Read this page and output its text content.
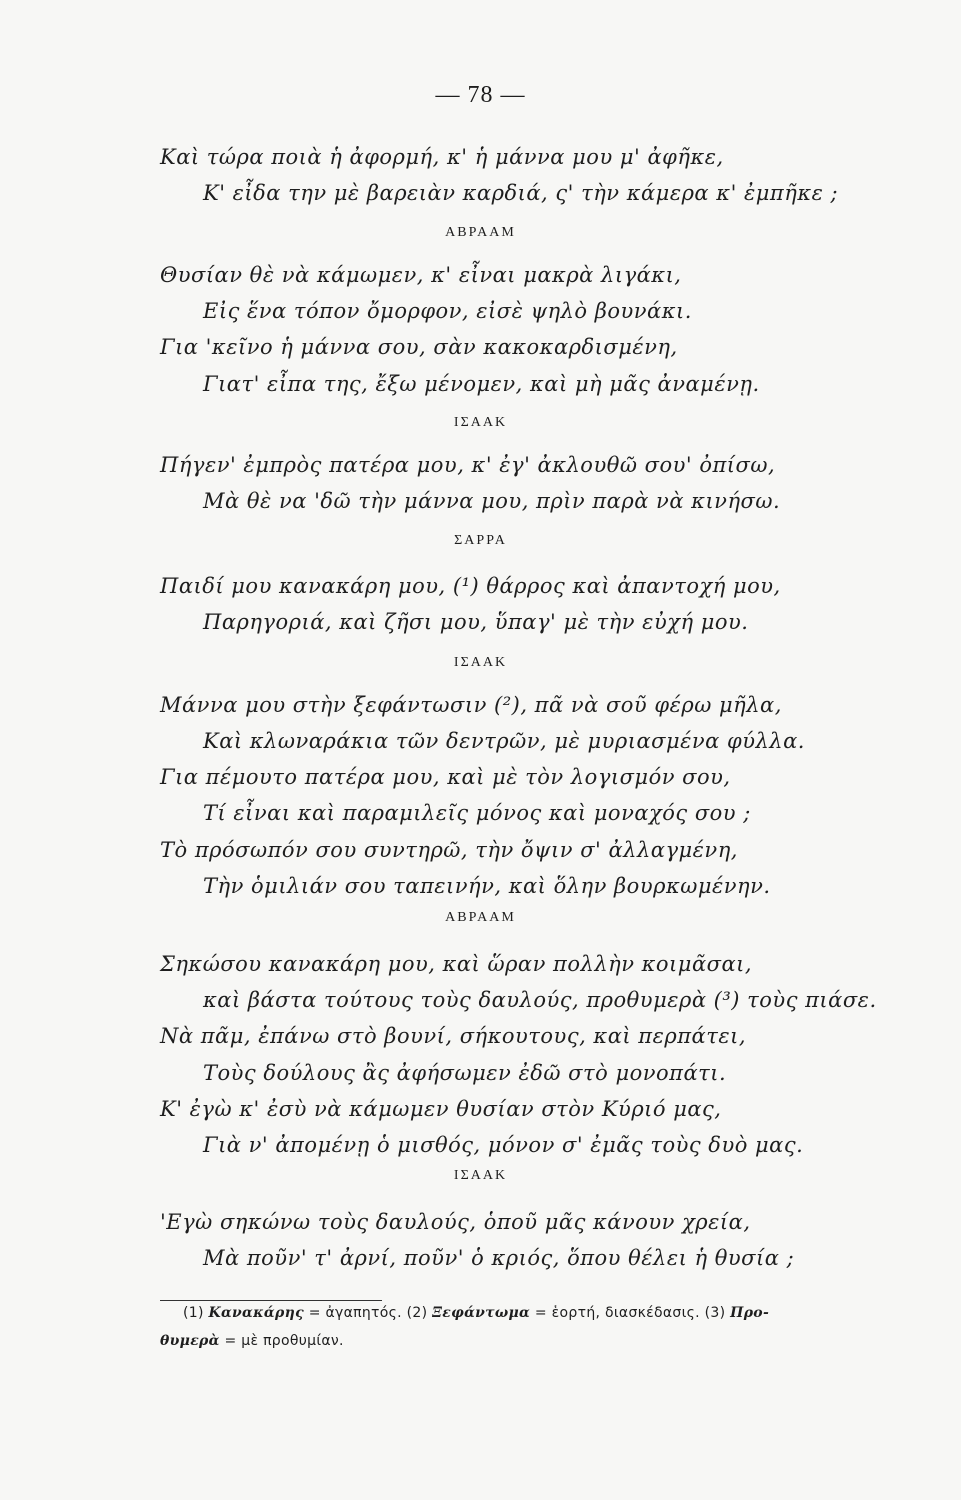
— 78 —
Καὶ τώρα ποιὰ ἡ ἀφορμή, κ' ἡ μάννα μου μ' ἀφῆκε,
Κ' εἶδα την μὲ βαρειὰν καρδιά, ς' τὴν κάμερα κ' ἐμπῆκε ;
ΑΒΡΑΑΜ
Θυσίαν θὲ νὰ κάμωμεν, κ' εἶναι μακρὰ λιγάκι,
Εἰς ἕνα τόπον ὄμορφον, εἰσὲ ψηλὸ βουνάκι.
Για 'κεῖνο ἡ μάννα σου, σὰν κακοκαρδισμένη,
Γιατ' εἶπα της, ἔξω μένομεν, καὶ μὴ μᾶς ἀναμένῃ.
ΙΣΑΑΚ
Πήγεν' ἐμπρὸς πατέρα μου, κ' ἐγ' ἀκλουθῶ σου' ὀπίσω,
Μὰ θὲ να 'δῶ τὴν μάννα μου, πρὶν παρὰ νὰ κινήσω.
ΣΑΡΡΑ
Παιδί μου κανακάρη μου, (¹) θάρρος καὶ ἀπαντοχή μου,
Παρηγοριά, καὶ ζῆσι μου, ὕπαγ' μὲ τὴν εὐχή μου.
ΙΣΑΑΚ
Μάννα μου στὴν ξεφάντωσιν (²), πᾶ νὰ σοῦ φέρω μῆλα,
Καὶ κλωναράκια τῶν δεντρῶν, μὲ μυριασμένα φύλλα.
Για πέμουτο πατέρα μου, καὶ μὲ τὸν λογισμόν σου,
Τί εἶναι καὶ παραμιλεῖς μόνος καὶ μοναχός σου ;
Τὸ πρόσωπόν σου συντηρῶ, τὴν ὄψιν σ' ἀλλαγμένη,
Τὴν ὁμιλιάν σου ταπεινήν, καὶ ὅλην βουρκωμένην.
ΑΒΡΑΑΜ
Σηκώσου κανακάρη μου, καὶ ὥραν πολλὴν κοιμᾶσαι,
καὶ βάστα τούτους τοὺς δαυλούς, προθυμερὰ (³) τοὺς πιάσε.
Νὰ πᾶμ, ἐπάνω στὸ βουνί, σήκουτους, καὶ περπάτει,
Τοὺς δούλους ἂς ἀφήσωμεν ἐδῶ στὸ μονοπάτι.
Κ' ἐγὼ κ' ἐσὺ νὰ κάμωμεν θυσίαν στὸν Κύριό μας,
Γιὰ ν' ἀπομένῃ ὁ μισθός, μόνον σ' ἐμᾶς τοὺς δυὸ μας.
ΙΣΑΑΚ
'Εγὼ σηκώνω τοὺς δαυλούς, ὁποῦ μᾶς κάνουν χρεία,
Μὰ ποῦν' τ' ἀρνί, ποῦν' ὁ κριός, ὅπου θέλει ἡ θυσία ;
(1) Κανακάρης = ἀγαπητός. (2) Ξεφάντωμα = ἑορτή, διασκέδασις. (3) Προ-
θυμερὰ = μὲ προθυμίαν.
